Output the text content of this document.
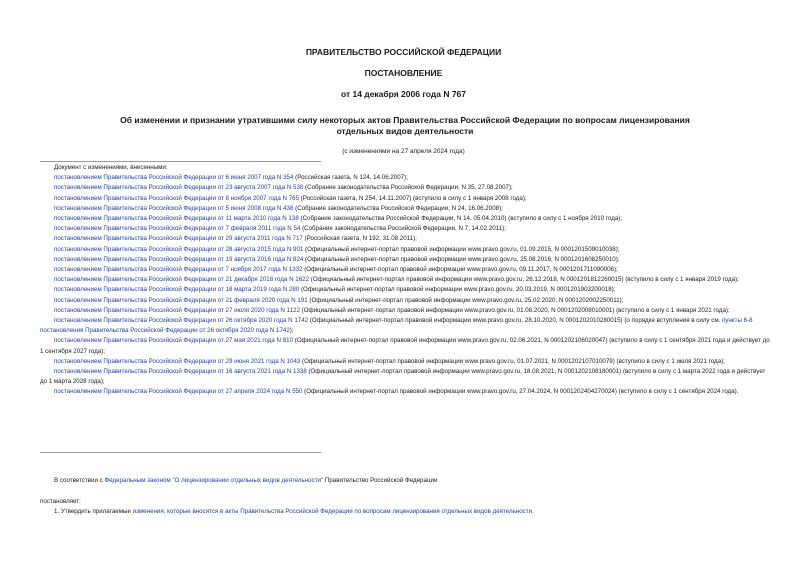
ПРАВИТЕЛЬСТВО РОССИЙСКОЙ ФЕДЕРАЦИИ
ПОСТАНОВЛЕНИЕ
от 14 декабря 2006 года N 767
Об изменении и признании утратившими силу некоторых актов Правительства Российской Федерации по вопросам лицензирования отдельных видов деятельности
(с изменениями на 27 апреля 2024 года)
Документ с изменениями, внесенными:
постановлением Правительства Российской Федерации от 6 июня 2007 года N 354 (Российская газета, N 124, 14.06.2007);
постановлением Правительства Российской Федерации от 23 августа 2007 года N 538 (Собрание законодательства Российской Федерации, N 35, 27.08.2007);
постановлением Правительства Российской Федерации от 8 ноября 2007 года N 765 (Российская газета, N 254, 14.11.2007) (вступило в силу с 1 января 2008 года);
постановлением Правительства Российской Федерации от 5 июня 2008 года N 438 (Собрание законодательства Российской Федерации, N 24, 16.06.2008);
постановлением Правительства Российской Федерации от 11 марта 2010 года N 138 (Собрание законодательства Российской Федерации, N 14, 05.04.2010) (вступило в силу с 1 ноября 2010 года);
постановлением Правительства Российской Федерации от 7 февраля 2011 года N 54 (Собрание законодательства Российской Федерации, N 7, 14.02.2011);
постановлением Правительства Российской Федерации от 29 августа 2011 года N 717 (Российская газета, N 192, 31.08.2011);
постановлением Правительства Российской Федерации от 28 августа 2015 года N 901 (Официальный интернет-портал правовой информации www.pravo.gov.ru, 01.09.2015, N 0001201509010038);
постановлением Правительства Российской Федерации от 19 августа 2016 года N 824 (Официальный интернет-портал правовой информации www.pravo.gov.ru, 25.08.2016, N 0001201608250010);
постановлением Правительства Российской Федерации от 7 ноября 2017 года N 1332 (Официальный интернет-портал правовой информации www.pravo.gov.ru, 09.11.2017, N 0001201711090006);
постановлением Правительства Российской Федерации от 21 декабря 2018 года N 1622 (Официальный интернет-портал правовой информации www.pravo.gov.ru, 26.12.2018, N 0001201812260015) (вступило в силу с 1 января 2019 года);
постановлением Правительства Российской Федерации от 18 марта 2019 года N 280 (Официальный интернет-портал правовой информации www.pravo.gov.ru, 20.03.2019, N 0001201903200018);
постановлением Правительства Российской Федерации от 21 февраля 2020 года N 191 (Официальный интернет-портал правовой информации www.pravo.gov.ru, 25.02.2020, N 0001202002250011);
постановлением Правительства Российской Федерации от 27 июля 2020 года N 1122 (Официальный интернет-портал правовой информации www.pravo.gov.ru, 01.08.2020, N 0001202008010001) (вступило в силу с 1 января 2021 года);
постановлением Правительства Российской Федерации от 26 октября 2020 года N 1742 (Официальный интернет-портал правовой информации www.pravo.gov.ru, 28.10.2020, N 0001202010280015) (о порядке вступления в силу см. пункты 6-8 постановления Правительства Российской Федерации от 26 октября 2020 года N 1742);
постановлением Правительства Российской Федерации от 27 мая 2021 года N 810 (Официальный интернет-портал правовой информации www.pravo.gov.ru, 02.06.2021, N 0001202106020047) (вступило в силу с 1 сентября 2021 года и действует до 1 сентября 2027 года);
постановлением Правительства Российской Федерации от 29 июня 2021 года N 1043 (Официальный интернет-портал правовой информации www.pravo.gov.ru, 01.07.2021, N 0001202107010079) (вступило в силу с 1 июля 2021 года);
постановлением Правительства Российской Федерации от 16 августа 2021 года N 1338 (Официальный интернет-портал правовой информации www.pravo.gov.ru, 18.08.2021, N 0001202108180001) (вступило в силу с 1 марта 2022 года и действует до 1 марта 2028 года);
постановлением Правительства Российской Федерации от 27 апреля 2024 года N 550 (Официальный интернет-портал правовой информации www.pravo.gov.ru, 27.04.2024, N 0001202404270024) (вступило в силу с 1 сентября 2024 года).
В соответствии с Федеральным законом "О лицензировании отдельных видов деятельности" Правительство Российской Федерации
постановляет:
1. Утвердить прилагаемые изменения, которые вносятся в акты Правительства Российской Федерации по вопросам лицензирования отдельных видов деятельности.
